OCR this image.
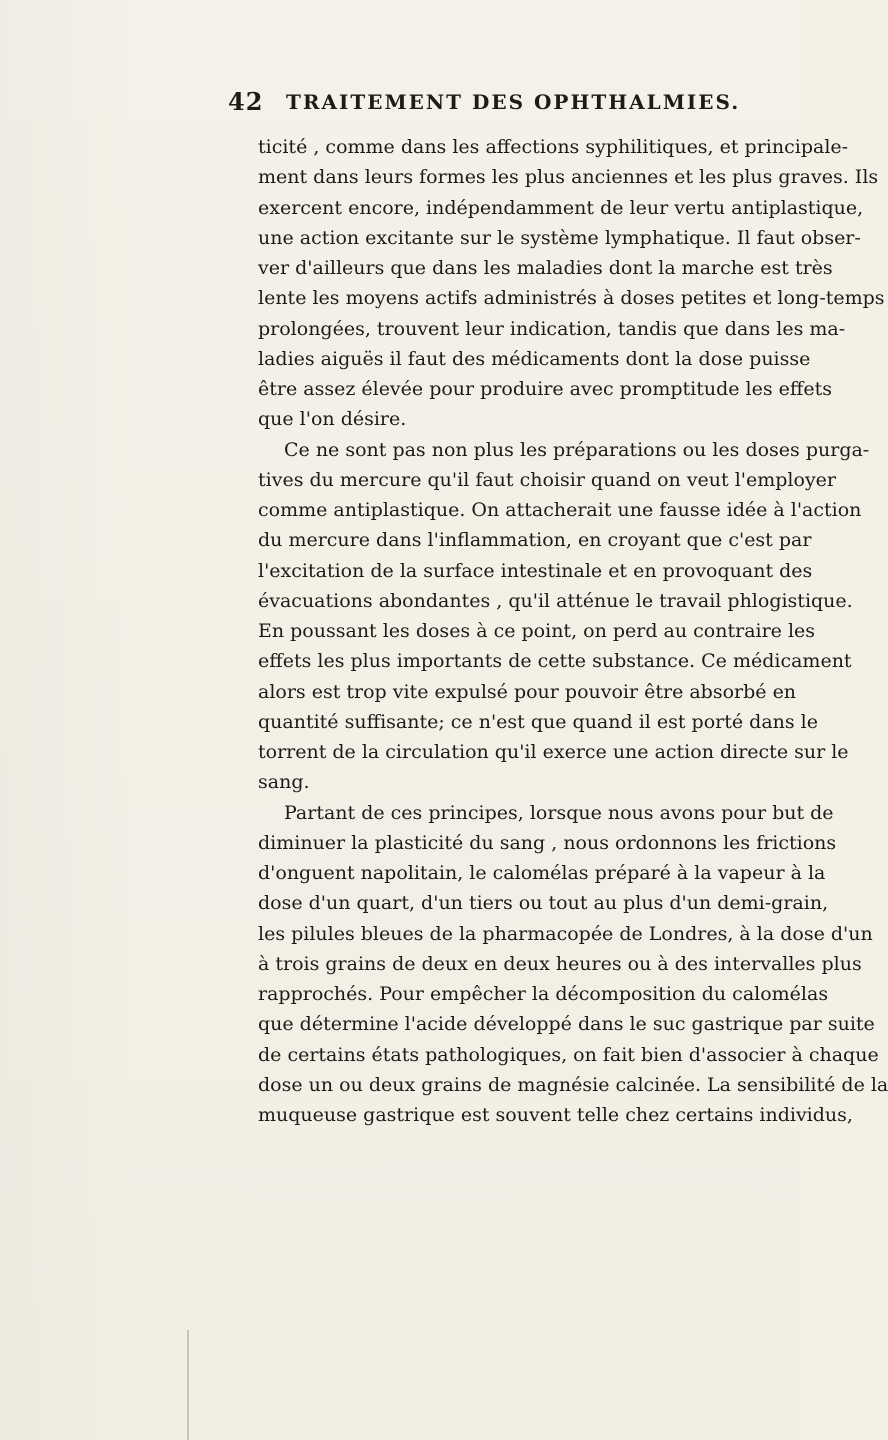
42 TRAITEMENT DES OPHTHALMIES.
ticité , comme dans les affections syphilitiques, et principale-
ment dans leurs formes les plus anciennes et les plus graves. Ils
exercent encore, indépendamment de leur vertu antiplastique,
une action excitante sur le système lymphatique. Il faut obser-
ver d'ailleurs que dans les maladies dont la marche est très
lente les moyens actifs administrés à doses petites et long-temps
prolongées, trouvent leur indication, tandis que dans les ma-
ladies aiguës il faut des médicaments dont la dose puisse
être assez élevée pour produire avec promptitude les effets
que l'on désire.
Ce ne sont pas non plus les préparations ou les doses purga-
tives du mercure qu'il faut choisir quand on veut l'employer
comme antiplastique. On attacherait une fausse idée à l'action
du mercure dans l'inflammation, en croyant que c'est par
l'excitation de la surface intestinale et en provoquant des
évacuations abondantes , qu'il atténue le travail phlogistique.
En poussant les doses à ce point, on perd au contraire les
effets les plus importants de cette substance. Ce médicament
alors est trop vite expulsé pour pouvoir être absorbé en
quantité suffisante; ce n'est que quand il est porté dans le
torrent de la circulation qu'il exerce une action directe sur le
sang.
Partant de ces principes, lorsque nous avons pour but de
diminuer la plasticité du sang , nous ordonnons les frictions
d'onguent napolitain, le calomélas préparé à la vapeur à la
dose d'un quart, d'un tiers ou tout au plus d'un demi-grain,
les pilules bleues de la pharmacopée de Londres, à la dose d'un
à trois grains de deux en deux heures ou à des intervalles plus
rapprochés. Pour empêcher la décomposition du calomélas
que détermine l'acide développé dans le suc gastrique par suite
de certains états pathologiques, on fait bien d'associer à chaque
dose un ou deux grains de magnésie calcinée. La sensibilité de la
muqueuse gastrique est souvent telle chez certains individus,
